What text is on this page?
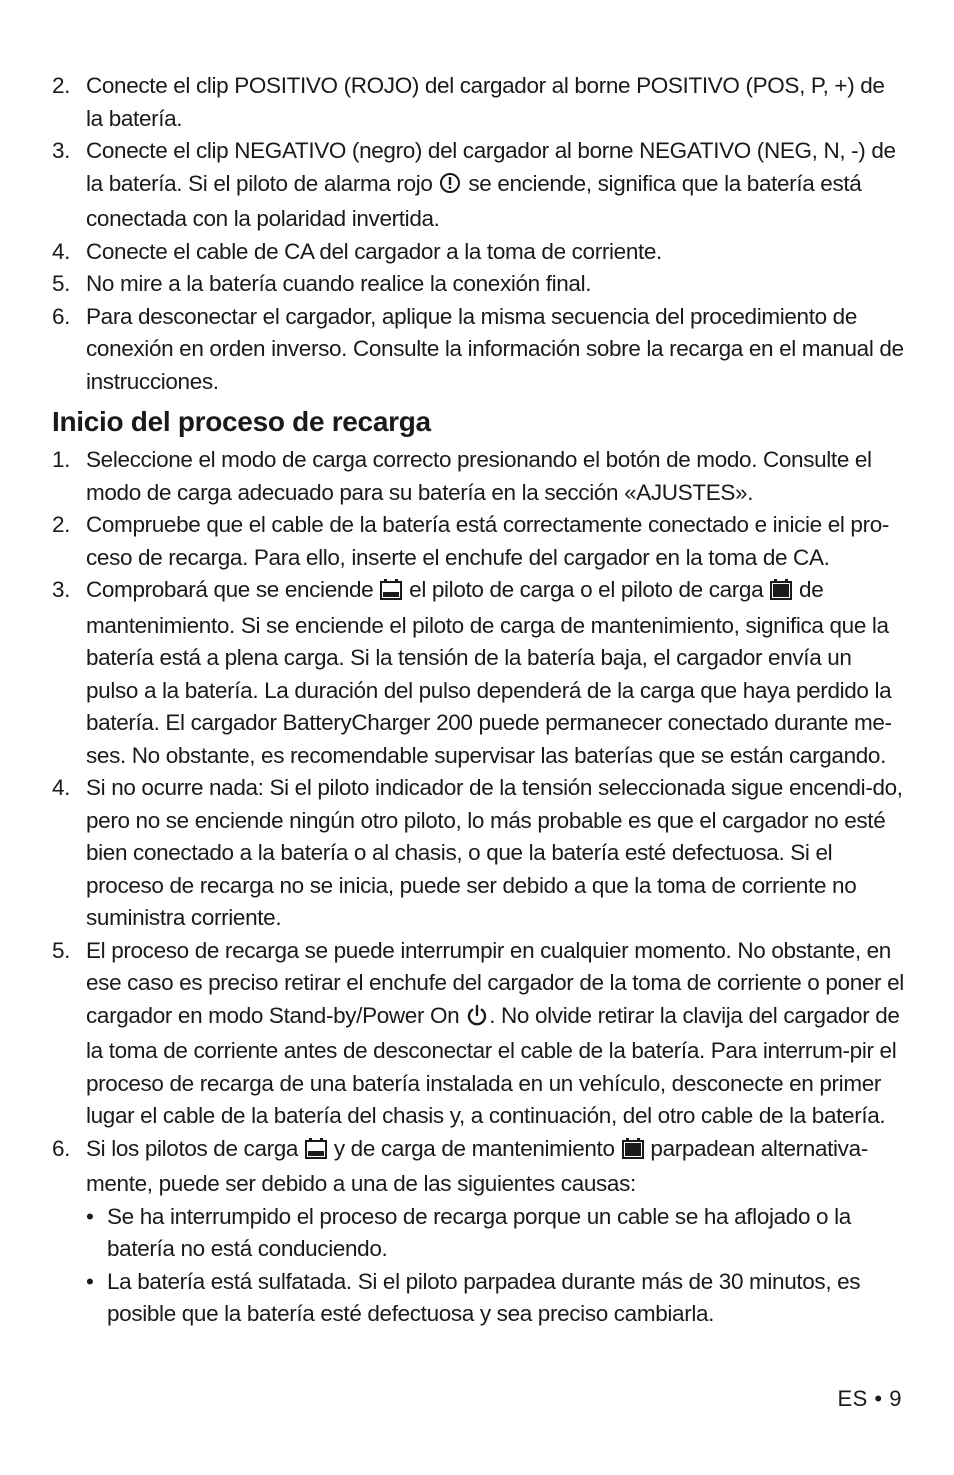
2. Conecte el clip POSITIVO (ROJO) del cargador al borne POSITIVO (POS, P, +) de la batería.
3. Conecte el clip NEGATIVO (negro) del cargador al borne NEGATIVO (NEG, N, -) de la batería. Si el piloto de alarma rojo  se enciende, significa que la batería está conectada con la polaridad invertida.
4. Conecte el cable de CA del cargador a la toma de corriente.
5. No mire a la batería cuando realice la conexión final.
6. Para desconectar el cargador, aplique la misma secuencia del procedimiento de conexión en orden inverso. Consulte la información sobre la recarga en el manual de instrucciones.
Inicio del proceso de recarga
1. Seleccione el modo de carga correcto presionando el botón de modo. Consulte el modo de carga adecuado para su batería en la sección «AJUSTES».
2. Compruebe que el cable de la batería está correctamente conectado e inicie el pro-ceso de recarga. Para ello, inserte el enchufe del cargador en la toma de CA.
3. Comprobará que se enciende  el piloto de carga o el piloto de carga  de mantenimiento. Si se enciende el piloto de carga de mantenimiento, significa que la batería está a plena carga. Si la tensión de la batería baja, el cargador envía un pulso a la batería. La duración del pulso dependerá de la carga que haya perdido la batería. El cargador BatteryCharger 200 puede permanecer conectado durante me-ses. No obstante, es recomendable supervisar las baterías que se están cargando.
4. Si no ocurre nada: Si el piloto indicador de la tensión seleccionada sigue encendi-do, pero no se enciende ningún otro piloto, lo más probable es que el cargador no esté bien conectado a la batería o al chasis, o que la batería esté defectuosa. Si el proceso de recarga no se inicia, puede ser debido a que la toma de corriente no suministra corriente.
5. El proceso de recarga se puede interrumpir en cualquier momento. No obstante, en ese caso es preciso retirar el enchufe del cargador de la toma de corriente o poner el cargador en modo Stand-by/Power On . No olvide retirar la clavija del cargador de la toma de corriente antes de desconectar el cable de la batería. Para interrum-pir el proceso de recarga de una batería instalada en un vehículo, desconecte en primer lugar el cable de la batería del chasis y, a continuación, del otro cable de la batería.
6. Si los pilotos de carga  y de carga de mantenimiento  parpadean alternativa-mente, puede ser debido a una de las siguientes causas:
• Se ha interrumpido el proceso de recarga porque un cable se ha aflojado o la batería no está conduciendo.
• La batería está sulfatada. Si el piloto parpadea durante más de 30 minutos, es posible que la batería esté defectuosa y sea preciso cambiarla.
ES • 9
